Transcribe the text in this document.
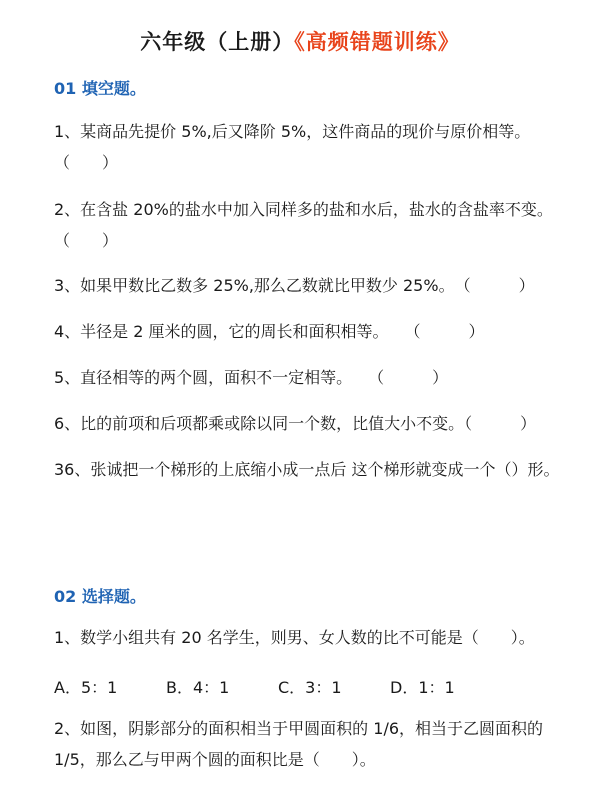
六年级（上册）《高频错题训练》
01 填空题。
1、某商品先提价 5%,后又降阶 5%，这件商品的现价与原价相等。（　　）
2、在含盐 20%的盐水中加入同样多的盐和水后，盐水的含盐率不变。（　　）
3、如果甲数比乙数多 25%,那么乙数就比甲数少 25%。　（　　　）
4、半径是 2 厘米的圆，它的周长和面积相等。　　（　　　）
5、直径相等的两个圆，面积不一定相等。　　（　　　）
6、比的前项和后项都乘或除以同一个数，比值大小不变。（　　　）
36、张诚把一个梯形的上底缩小成一点后 这个梯形就变成一个（）形。
02 选择题。
1、数学小组共有 20 名学生，则男、女人数的比不可能是（　　）。
A．5：1	B．4：1	C．3：1	D．1：1
2、如图，阴影部分的面积相当于甲圆面积的 1/6，相当于乙圆面积的 1/5，那么乙与甲两个圆的面积比是（　　）。
